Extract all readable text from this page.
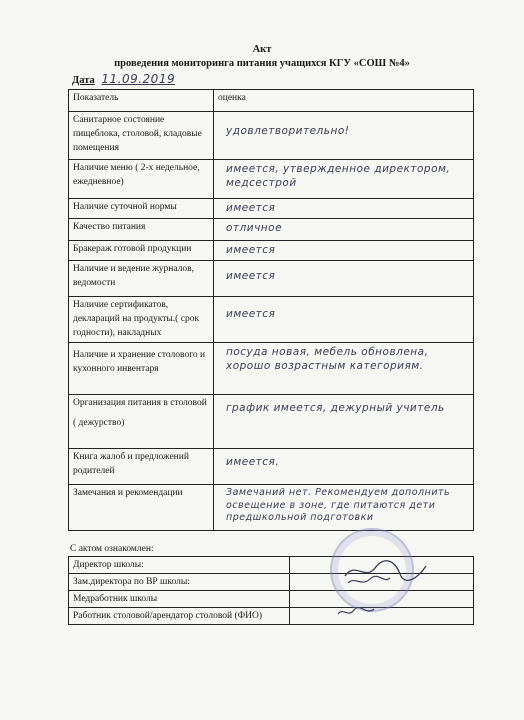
Акт
проведения мониторинга питания учащихся КГУ «СОШ №4»
Дата 11.09.2019
Показатель	оценка
Санитарное состояние пищеблока, столовой, кладовые помещения	удовлетворительно!

Наличие меню ( 2-х недельное, ежедневное)	имеется, утвержденное директором, медсестрой

Наличие суточной нормы	имеется

Качество питания	отличное

Бракераж готовой продукции	имеется

Наличие и ведение журналов, ведомости	имеется

Наличие сертификатов, деклараций на продукты.( срок годности), накладных	имеется

Наличие и хранение столового и кухонного инвентаря	посуда новая, мебель обновлена, хорошо возрастным категориям.

Организация питания в столовой
( дежурство)	график имеется, дежурный учитель

Книга жалоб и предложений родителей	имеется.

Замечания и рекомендации	Замечаний нет. Рекомендуем дополнить освещение в зоне, где питаются дети предшкольной подготовки
С актом ознакомлен:
Директор школы:	
Зам.директора по ВР школы:	
Медработник школы	
Работник столовой/арендатор столовой (ФИО)	
